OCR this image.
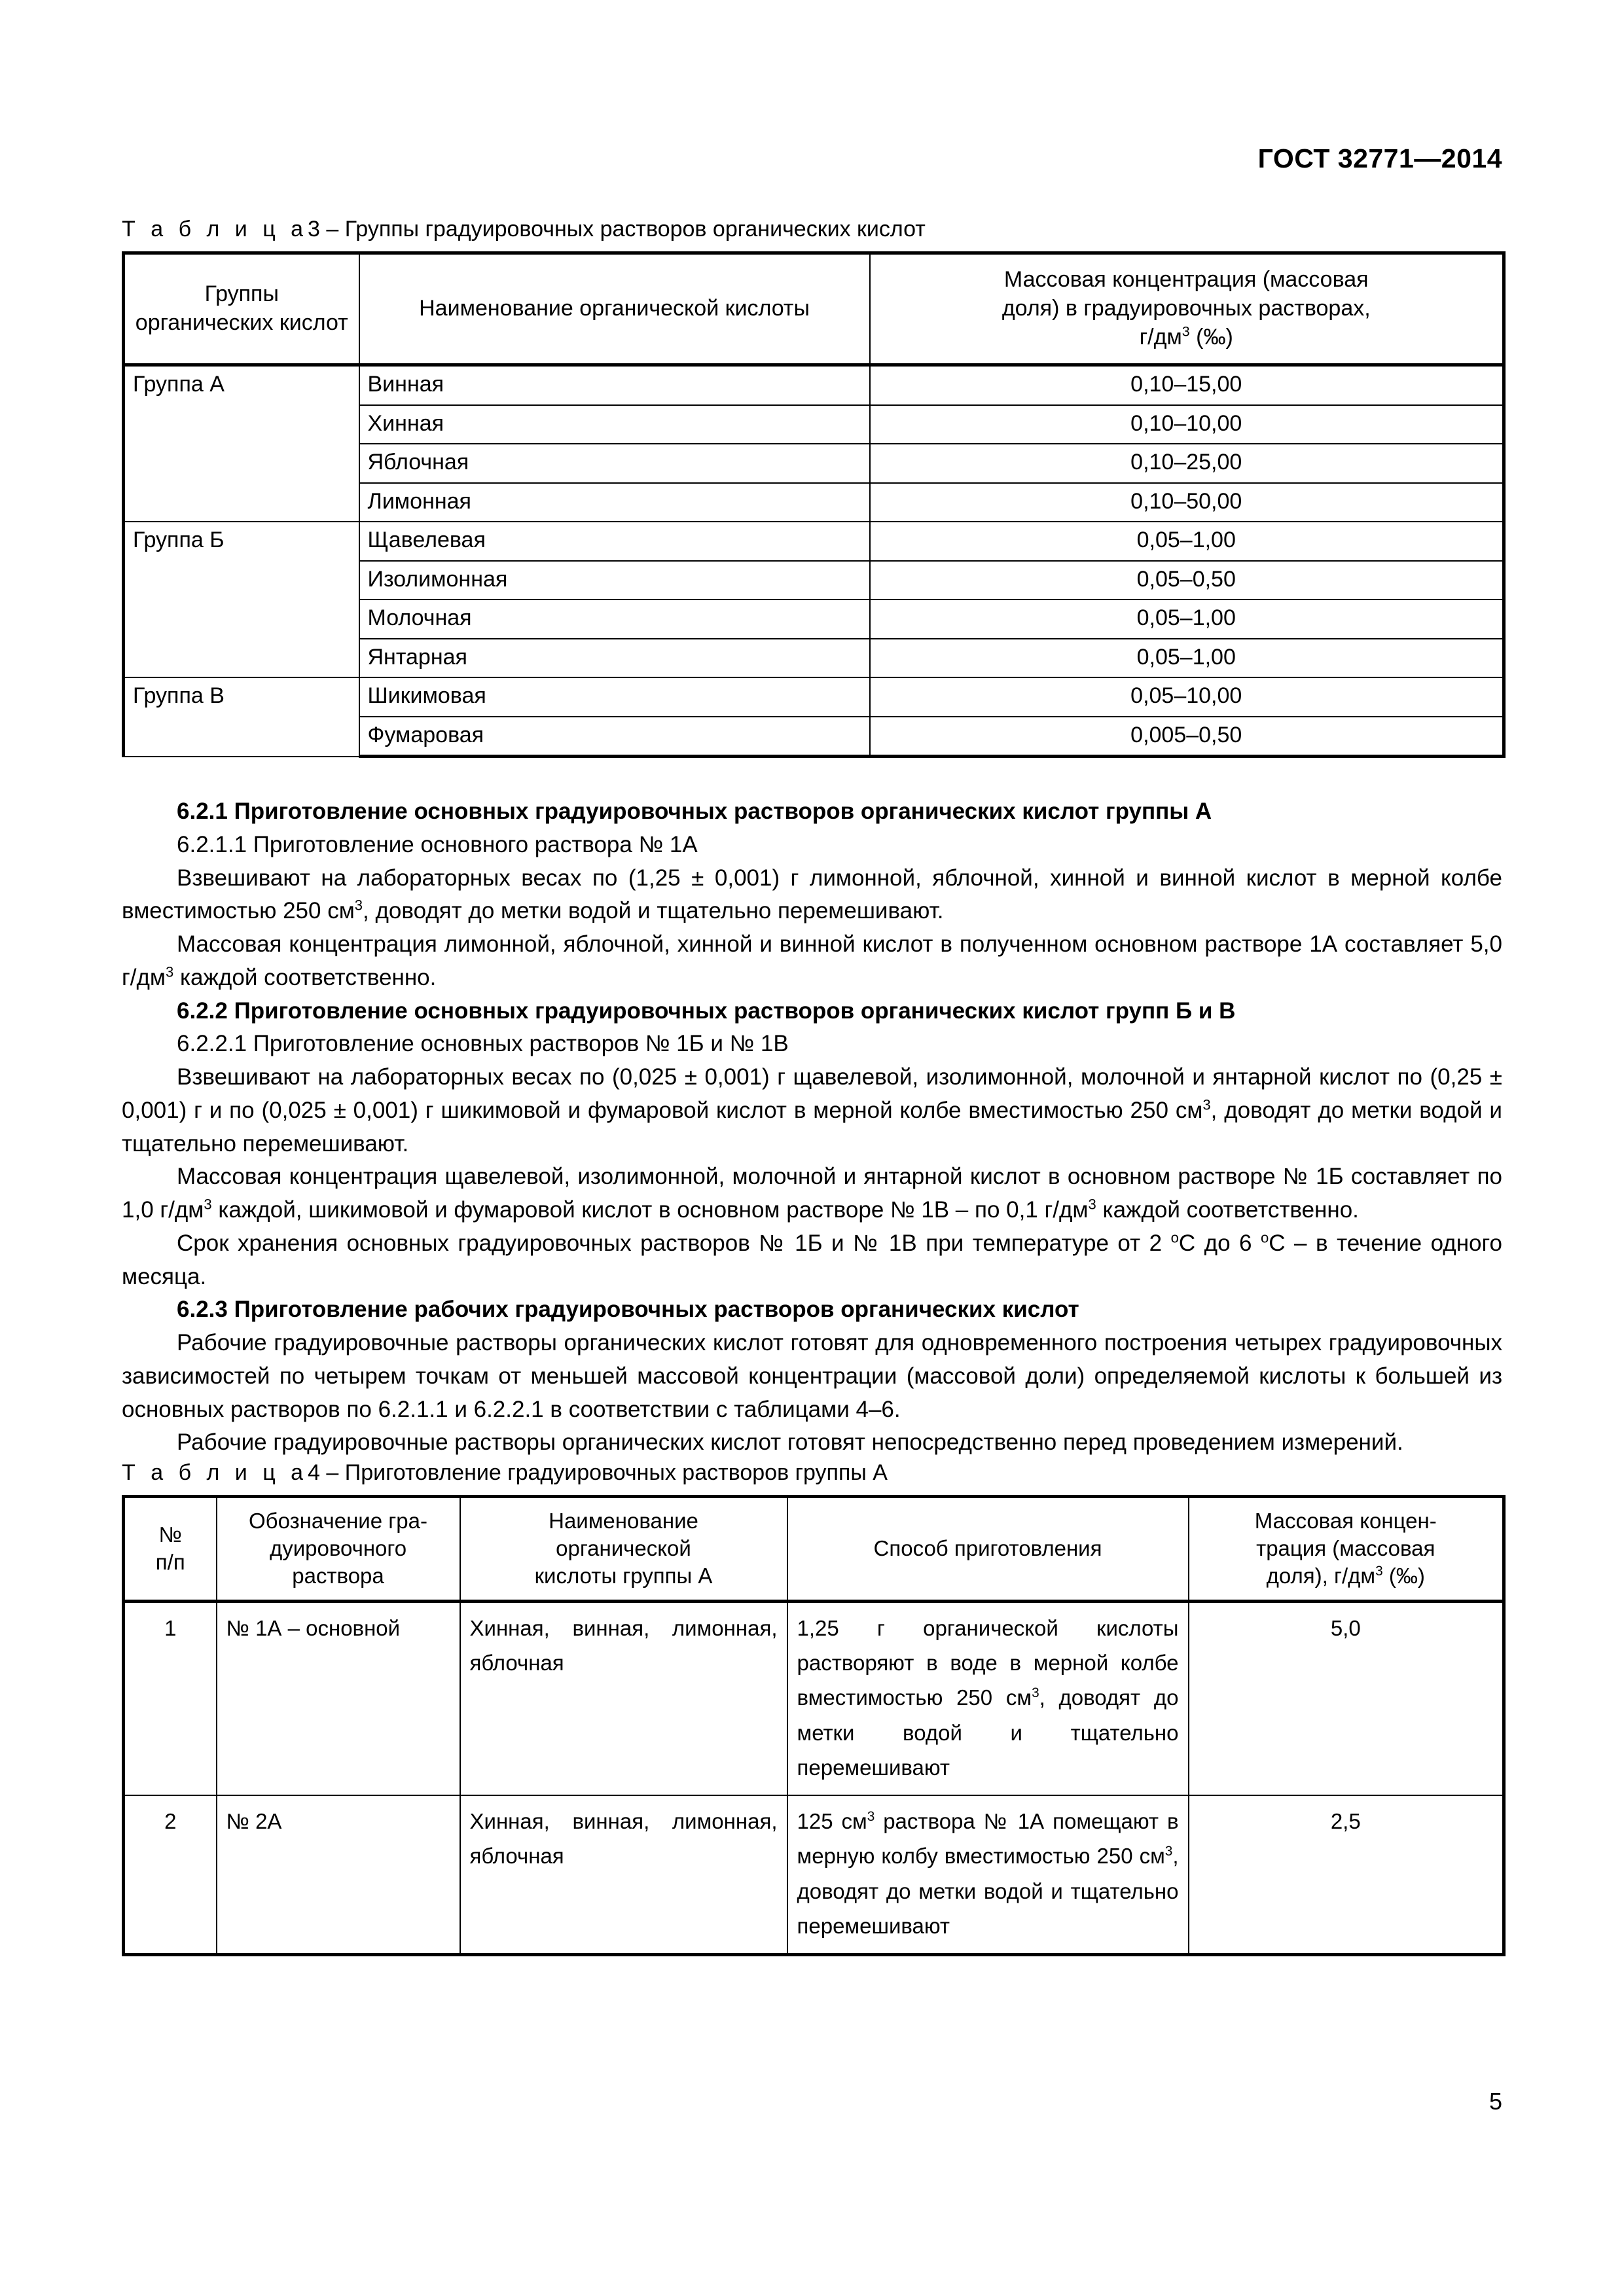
ГОСТ 32771—2014
Т а б л и ц а3 – Группы градуировочных растворов органических кислот
Группы органических кислот	Наименование органической кислоты	Массовая концентрация (массовая
доля) в градуировочных растворах,
$г/дм^3$ (‰)
Группа А	Винная	0,10–15,00
	Хинная	0,10–10,00
	Яблочная	0,10–25,00
	Лимонная	0,10–50,00
Группа Б	Щавелевая	0,05–1,00
	Изолимонная	0,05–0,50
	Молочная	0,05–1,00
	Янтарная	0,05–1,00
Группа В	Шикимовая	0,05–10,00
	Фумаровая	0,005–0,50

6.2.1 Приготовление основных градуировочных растворов органических кислот группы А

6.2.1.1 Приготовление основного раствора № 1А

Взвешивают на лабораторных весах по (1,25 ± 0,001) г лимонной, яблочной, хинной и винной кислот в мерной колбе вместимостью 250 $см^3$, доводят до метки водой и тщательно перемешивают.

Массовая концентрация лимонной, яблочной, хинной и винной кислот в полученном основном растворе 1А составляет 5,0 $г/дм^3$ каждой соответственно.

6.2.2 Приготовление основных градуировочных растворов органических кислот групп Б и В

6.2.2.1 Приготовление основных растворов № 1Б и № 1В

Взвешивают на лабораторных весах по (0,025 ± 0,001) г щавелевой, изолимонной, молочной и янтарной кислот по (0,25 ± 0,001) г и по (0,025 ± 0,001) г шикимовой и фумаровой кислот в мерной колбе вместимостью 250 $см^3$, доводят до метки водой и тщательно перемешивают.

Массовая концентрация щавелевой, изолимонной, молочной и янтарной кислот в основном растворе № 1Б составляет по 1,0 $г/дм^3$ каждой, шикимовой и фумаровой кислот в основном растворе № 1В – по 0,1 $г/дм^3$ каждой соответственно.

Срок хранения основных градуировочных растворов № 1Б и № 1В при температуре от 2 $^о$С до 6 $^о$С – в течение одного месяца.

6.2.3 Приготовление рабочих градуировочных растворов органических кислот

Рабочие градуировочные растворы органических кислот готовят для одновременного построения четырех градуировочных зависимостей по четырем точкам от меньшей массовой концентрации (массовой доли) определяемой кислоты к большей из основных растворов по 6.2.1.1 и 6.2.2.1 в соответствии с таблицами 4–6.

Рабочие градуировочные растворы органических кислот готовят непосредственно перед проведением измерений.

Т а б л и ц а4 – Приготовление градуировочных растворов группы А
№
п/п	Обозначение гра-
дуировочного
раствора	Наименование
органической
кислоты группы А	Способ приготовления	Массовая концен-
трация (массовая
доля), $г/дм^3$ (‰)
1	№ 1А – основной	Хинная, винная, лимонная, яблочная	1,25 г органической кислоты растворяют в воде в мерной колбе вместимостью 250 $см^3$, доводят до метки водой и тщательно перемешивают	5,0
2	№ 2А	Хинная, винная, лимонная, яблочная	125 $см^3$ раствора № 1А помещают в мерную колбу вместимостью 250 $см^3$, доводят до метки водой и тщательно перемешивают	2,5
5
